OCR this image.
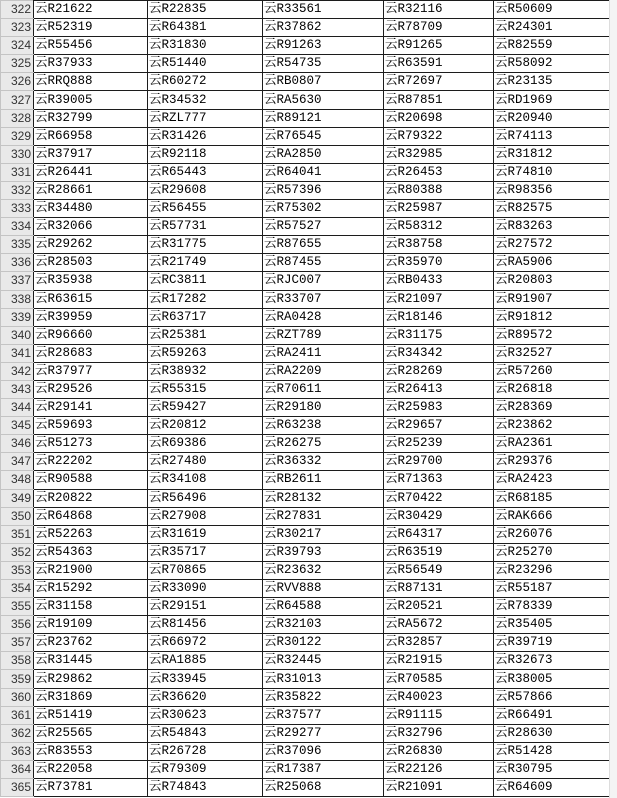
322	云R21622	云R22835	云R33561	云R32116	云R50609
323	云R52319	云R64381	云R37862	云R78709	云R24301
324	云R55456	云R31830	云R91263	云R91265	云R82559
325	云R37933	云R51440	云R54735	云R63591	云R58092
326	云RRQ888	云R60272	云RB0807	云R72697	云R23135
327	云R39005	云R34532	云RA5630	云R87851	云RD1969
328	云R32799	云RZL777	云R89121	云R20698	云R20940
329	云R66958	云R31426	云R76545	云R79322	云R74113
330	云R37917	云R92118	云RA2850	云R32985	云R31812
331	云R26441	云R65443	云R64041	云R26453	云R74810
332	云R28661	云R29608	云R57396	云R80388	云R98356
333	云R34480	云R56455	云R75302	云R25987	云R82575
334	云R32066	云R57731	云R57527	云R58312	云R83263
335	云R29262	云R31775	云R87655	云R38758	云R27572
336	云R28503	云R21749	云R87455	云R35970	云RA5906
337	云R35938	云RC3811	云RJC007	云RB0433	云R20803
338	云R63615	云R17282	云R33707	云R21097	云R91907
339	云R39959	云R63717	云RA0428	云R18146	云R91812
340	云R96660	云R25381	云RZT789	云R31175	云R89572
341	云R28683	云R59263	云RA2411	云R34342	云R32527
342	云R37977	云R38932	云RA2209	云R28269	云R57260
343	云R29526	云R55315	云R70611	云R26413	云R26818
344	云R29141	云R59427	云R29180	云R25983	云R28369
345	云R59693	云R20812	云R63238	云R29657	云R23862
346	云R51273	云R69386	云R26275	云R25239	云RA2361
347	云R22202	云R27480	云R36332	云R29700	云R29376
348	云R90588	云R34108	云RB2611	云R71363	云RA2423
349	云R20822	云R56496	云R28132	云R70422	云R68185
350	云R64868	云R27908	云R27831	云R30429	云RAK666
351	云R52263	云R31619	云R30217	云R64317	云R26076
352	云R54363	云R35717	云R39793	云R63519	云R25270
353	云R21900	云R70865	云R23632	云R56549	云R23296
354	云R15292	云R33090	云RVV888	云R87131	云R55187
355	云R31158	云R29151	云R64588	云R20521	云R78339
356	云R19109	云R81456	云R32103	云RA5672	云R35405
357	云R23762	云R66972	云R30122	云R32857	云R39719
358	云R31445	云RA1885	云R32445	云R21915	云R32673
359	云R29862	云R33945	云R31013	云R70585	云R38005
360	云R31869	云R36620	云R35822	云R40023	云R57866
361	云R51419	云R30623	云R37577	云R91115	云R66491
362	云R25565	云R54843	云R29277	云R32796	云R28630
363	云R83553	云R26728	云R37096	云R26830	云R51428
364	云R22058	云R79309	云R17387	云R22126	云R30795
365	云R73781	云R74843	云R25068	云R21091	云R64609
